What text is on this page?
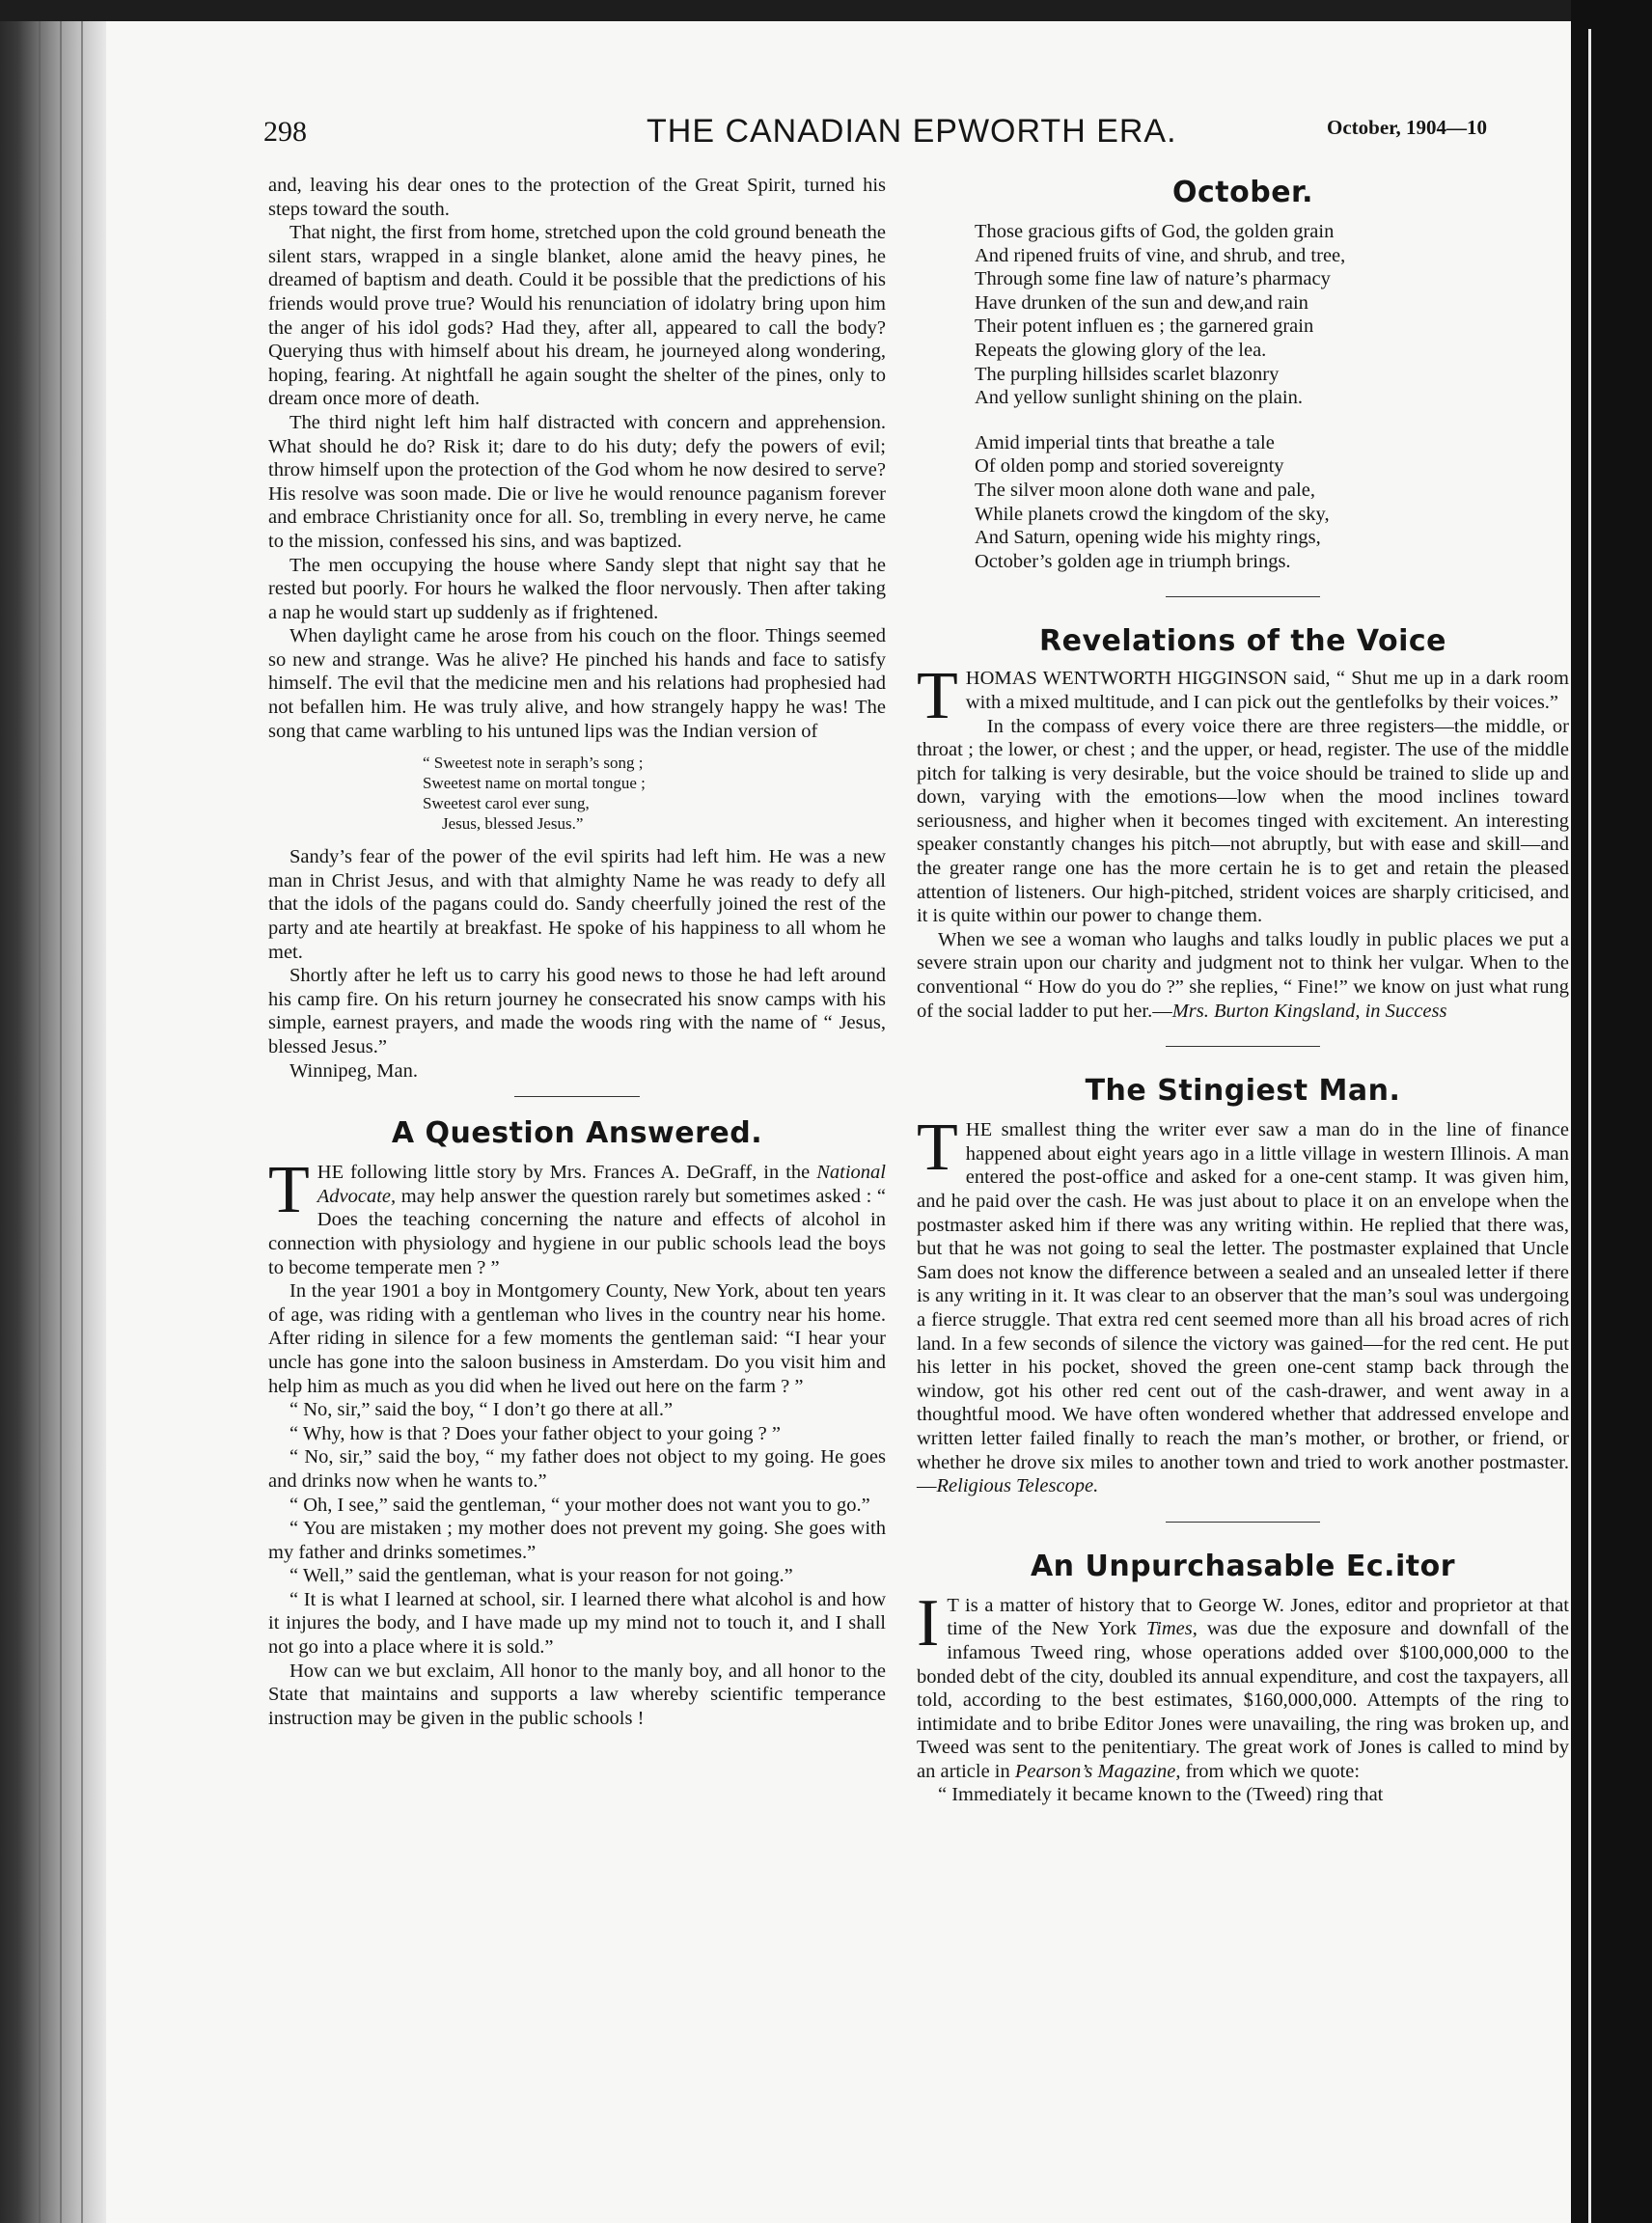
298	THE CANADIAN EPWORTH ERA.	October, 1904—10

and, leaving his dear ones to the protection of the Great Spirit, turned his steps toward the south.

That night, the first from home, stretched upon the cold ground beneath the silent stars, wrapped in a single blanket, alone amid the heavy pines, he dreamed of baptism and death. Could it be possible that the predictions of his friends would prove true? Would his renunciation of idolatry bring upon him the anger of his idol gods? Had they, after all, appeared to call the body? Querying thus with himself about his dream, he journeyed along wondering, hoping, fearing. At nightfall he again sought the shelter of the pines, only to dream once more of death.

The third night left him half distracted with concern and apprehension. What should he do? Risk it; dare to do his duty; defy the powers of evil; throw himself upon the protection of the God whom he now desired to serve? His resolve was soon made. Die or live he would renounce paganism forever and embrace Christianity once for all. So, trembling in every nerve, he came to the mission, confessed his sins, and was baptized.

The men occupying the house where Sandy slept that night say that he rested but poorly. For hours he walked the floor nervously. Then after taking a nap he would start up suddenly as if frightened.

When daylight came he arose from his couch on the floor. Things seemed so new and strange. Was he alive? He pinched his hands and face to satisfy himself. The evil that the medicine men and his relations had prophesied had not befallen him. He was truly alive, and how strangely happy he was! The song that came warbling to his untuned lips was the Indian version of

“ Sweetest note in seraph’s song ;
Sweetest name on mortal tongue ;
Sweetest carol ever sung,
Jesus, blessed Jesus.”

Sandy’s fear of the power of the evil spirits had left him. He was a new man in Christ Jesus, and with that almighty Name he was ready to defy all that the idols of the pagans could do. Sandy cheerfully joined the rest of the party and ate heartily at breakfast. He spoke of his happiness to all whom he met.

Shortly after he left us to carry his good news to those he had left around his camp fire. On his return journey he consecrated his snow camps with his simple, earnest prayers, and made the woods ring with the name of “ Jesus, blessed Jesus.”

Winnipeg, Man.

A Question Answered.

THE following little story by Mrs. Frances A. DeGraff, in the National Advocate, may help answer the question rarely but sometimes asked : “ Does the teaching concerning the nature and effects of alcohol in connection with physiology and hygiene in our public schools lead the boys to become temperate men ? ”

In the year 1901 a boy in Montgomery County, New York, about ten years of age, was riding with a gentleman who lives in the country near his home. After riding in silence for a few moments the gentleman said: “I hear your uncle has gone into the saloon business in Amsterdam. Do you visit him and help him as much as you did when he lived out here on the farm ? ”

“ No, sir,” said the boy, “ I don’t go there at all.”

“ Why, how is that ? Does your father object to your going ? ”

“ No, sir,” said the boy, “ my father does not object to my going. He goes and drinks now when he wants to.”

“ Oh, I see,” said the gentleman, “ your mother does not want you to go.”

“ You are mistaken ; my mother does not prevent my going. She goes with my father and drinks sometimes.”

“ Well,” said the gentleman, what is your reason for not going.”

“ It is what I learned at school, sir. I learned there what alcohol is and how it injures the body, and I have made up my mind not to touch it, and I shall not go into a place where it is sold.”

How can we but exclaim, All honor to the manly boy, and all honor to the State that maintains and supports a law whereby scientific temperance instruction may be given in the public schools !

October.
Those gracious gifts of God, the golden grain
And ripened fruits of vine, and shrub, and tree,
Through some fine law of nature’s pharmacy
Have drunken of the sun and dew,and rain
Their potent influen es ; the garnered grain
Repeats the glowing glory of the lea.
The purpling hillsides scarlet blazonry
And yellow sunlight shining on the plain.
Amid imperial tints that breathe a tale
Of olden pomp and storied sovereignty
The silver moon alone doth wane and pale,
While planets crowd the kingdom of the sky,
And Saturn, opening wide his mighty rings,
October’s golden age in triumph brings.
Revelations of the Voice

THOMAS WENTWORTH HIGGINSON said, “ Shut me up in a dark room with a mixed multitude, and I can pick out the gentlefolks by their voices.”

In the compass of every voice there are three registers—the middle, or throat ; the lower, or chest ; and the upper, or head, register. The use of the middle pitch for talking is very desirable, but the voice should be trained to slide up and down, varying with the emotions—low when the mood inclines toward seriousness, and higher when it becomes tinged with excitement. An interesting speaker constantly changes his pitch—not abruptly, but with ease and skill—and the greater range one has the more certain he is to get and retain the pleased attention of listeners. Our high-pitched, strident voices are sharply criticised, and it is quite within our power to change them.

When we see a woman who laughs and talks loudly in public places we put a severe strain upon our charity and judgment not to think her vulgar. When to the conventional “ How do you do ?” she replies, “ Fine!” we know on just what rung of the social ladder to put her.—Mrs. Burton Kingsland, in Success

The Stingiest Man.

THE smallest thing the writer ever saw a man do in the line of finance happened about eight years ago in a little village in western Illinois. A man entered the post-office and asked for a one-cent stamp. It was given him, and he paid over the cash. He was just about to place it on an envelope when the postmaster asked him if there was any writing within. He replied that there was, but that he was not going to seal the letter. The postmaster explained that Uncle Sam does not know the difference between a sealed and an unsealed letter if there is any writing in it. It was clear to an observer that the man’s soul was undergoing a fierce struggle. That extra red cent seemed more than all his broad acres of rich land. In a few seconds of silence the victory was gained—for the red cent. He put his letter in his pocket, shoved the green one-cent stamp back through the window, got his other red cent out of the cash-drawer, and went away in a thoughtful mood. We have often wondered whether that addressed envelope and written letter failed finally to reach the man’s mother, or brother, or friend, or whether he drove six miles to another town and tried to work another postmaster.—Religious Telescope.

An Unpurchasable Ec.itor

I T is a matter of history that to George W. Jones, editor and proprietor at that time of the New York Times, was due the exposure and downfall of the infamous Tweed ring, whose operations added over $100,000,000 to the bonded debt of the city, doubled its annual expenditure, and cost the taxpayers, all told, according to the best estimates, $160,000,000. Attempts of the ring to intimidate and to bribe Editor Jones were unavailing, the ring was broken up, and Tweed was sent to the penitentiary. The great work of Jones is called to mind by an article in Pearson’s Magazine, from which we quote:

“ Immediately it became known to the (Tweed) ring that
